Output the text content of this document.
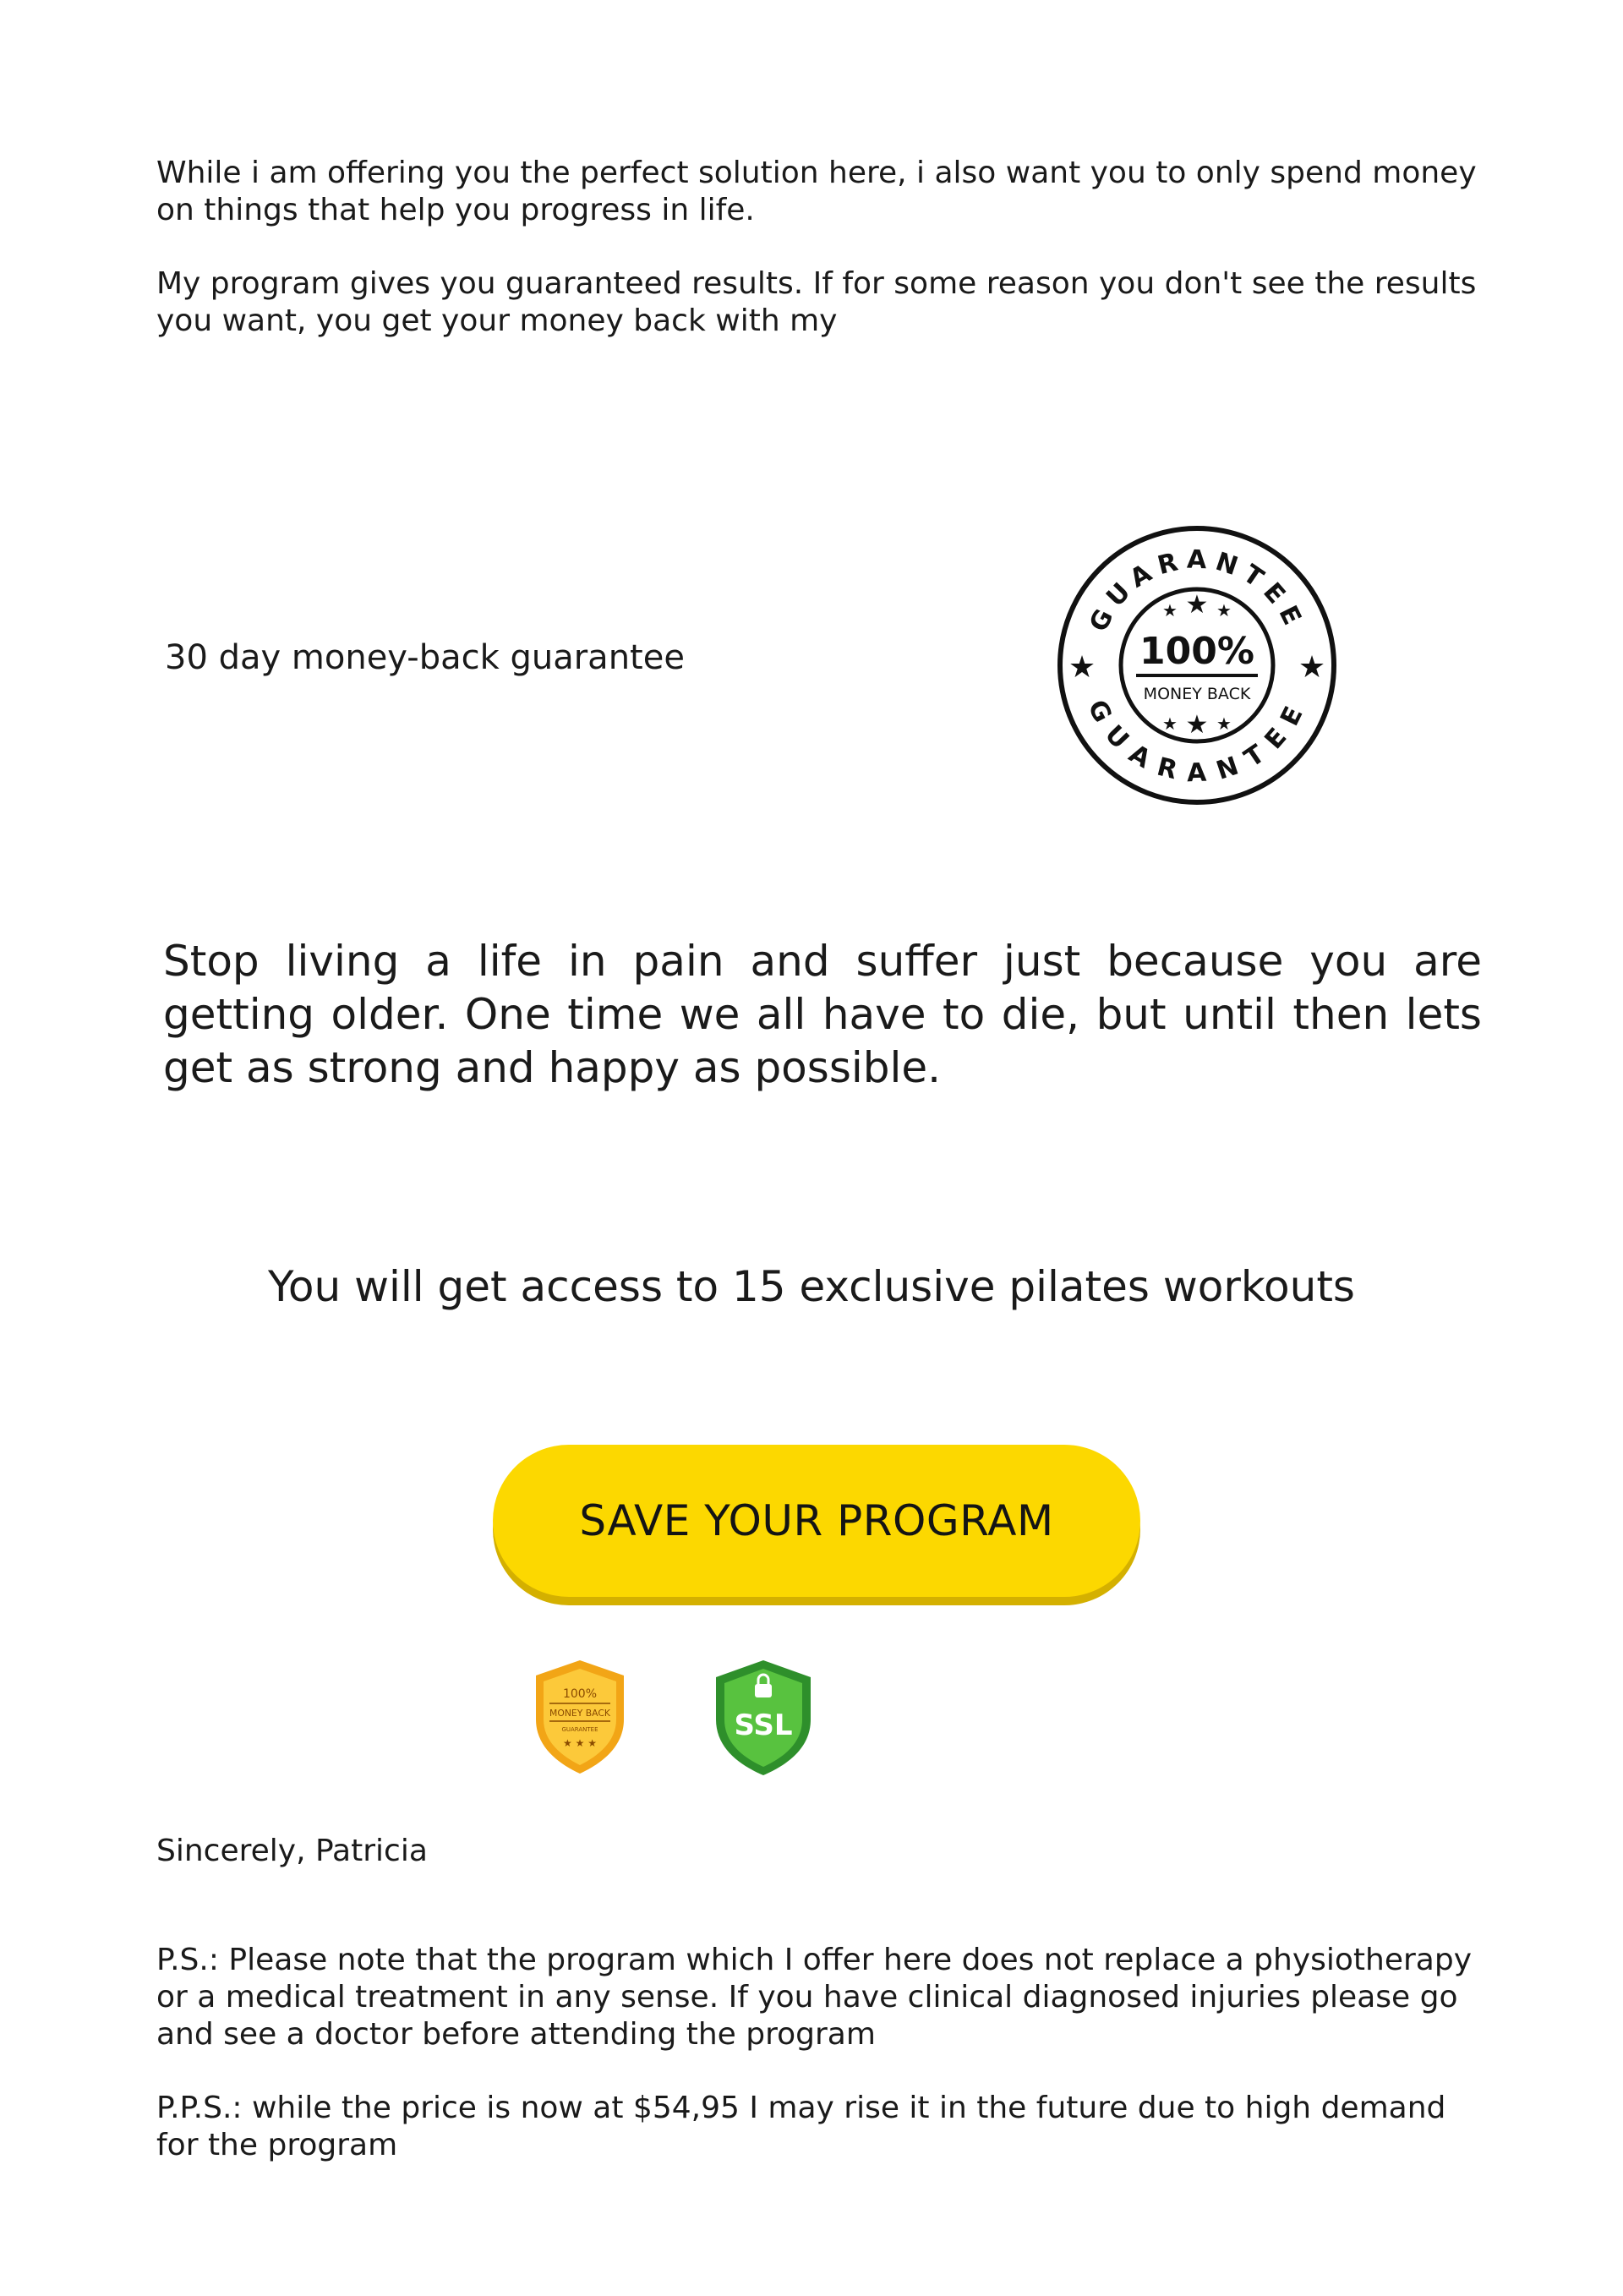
While i am offering you the perfect solution here, i also want you to only spend money on things that help you progress in life.

My program gives you guaranteed results. If for some reason you don't see the results you want, you get your money back with my

30 day money-back guarantee
GUARANTEE
GUARANTEE
★	★
★ ★ ★
★ ★ ★
100%
MONEY BACK

Stop living a life in pain and suffer just because you are getting older. One time we all have to die, but until then lets get as strong and happy as possible.

You will get access to 15 exclusive pilates workouts
SAVE YOUR PROGRAM
100%
MONEY BACK
GUARANTEE
★ ★ ★
SSL
Sincerely, Patricia

P.S.: Please note that the program which I offer here does not replace a physiotherapy or a medical treatment in any sense. If you have clinical diagnosed injuries please go and see a doctor before attending the program

P.P.S.: while the price is now at $54,95 I may rise it in the future due to high demand for the program
